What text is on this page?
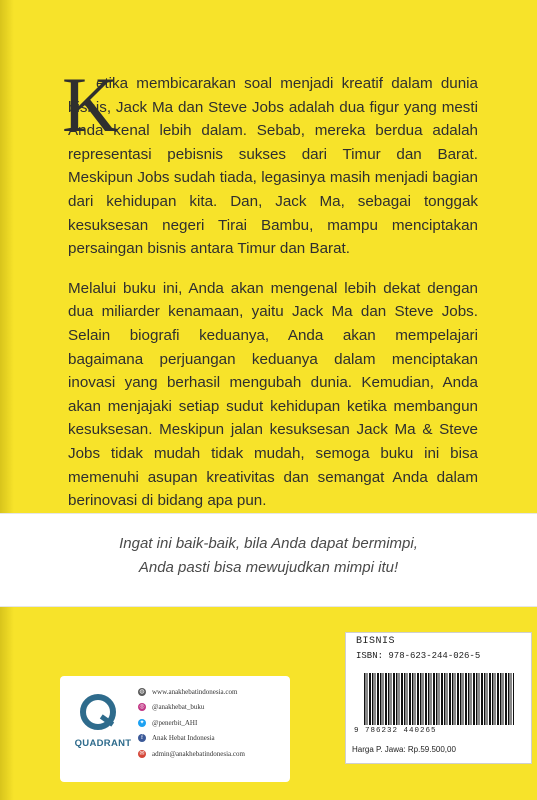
K

etika membicarakan soal menjadi kreatif dalam dunia bisnis, Jack Ma dan Steve Jobs adalah dua figur yang mesti Anda kenal lebih dalam. Sebab, mereka berdua adalah representasi pebisnis sukses dari Timur dan Barat. Meskipun Jobs sudah tiada, legasinya masih menjadi bagian dari kehidupan kita. Dan, Jack Ma, sebagai tonggak kesuksesan negeri Tirai Bambu, mampu menciptakan persaingan bisnis antara Timur dan Barat.

Melalui buku ini, Anda akan mengenal lebih dekat dengan dua miliarder kenamaan, yaitu Jack Ma dan Steve Jobs. Selain biografi keduanya, Anda akan mempelajari bagaimana perjuangan keduanya dalam menciptakan inovasi yang berhasil mengubah dunia. Kemudian, Anda akan menjajaki setiap sudut kehidupan ketika membangun kesuksesan. Meskipun jalan kesuksesan Jack Ma & Steve Jobs tidak mudah tidak mudah, semoga buku ini bisa memenuhi asupan kreativitas dan semangat Anda dalam berinovasi di bidang apa pun.

Ingat ini baik-baik, bila Anda dapat bermimpi,
Anda pasti bisa mewujudkan mimpi itu!
QUADRANT
◍ www.anakhebatindonesia.com
◎ @anakhebat_buku
✦ @penerbit_AHI
f	Anak Hebat Indonesia
✉ admin@anakhebatindonesia.com
BISNIS
ISBN: 978-623-244-026-5
9 786232 440265
Harga P. Jawa: Rp.59.500,00
